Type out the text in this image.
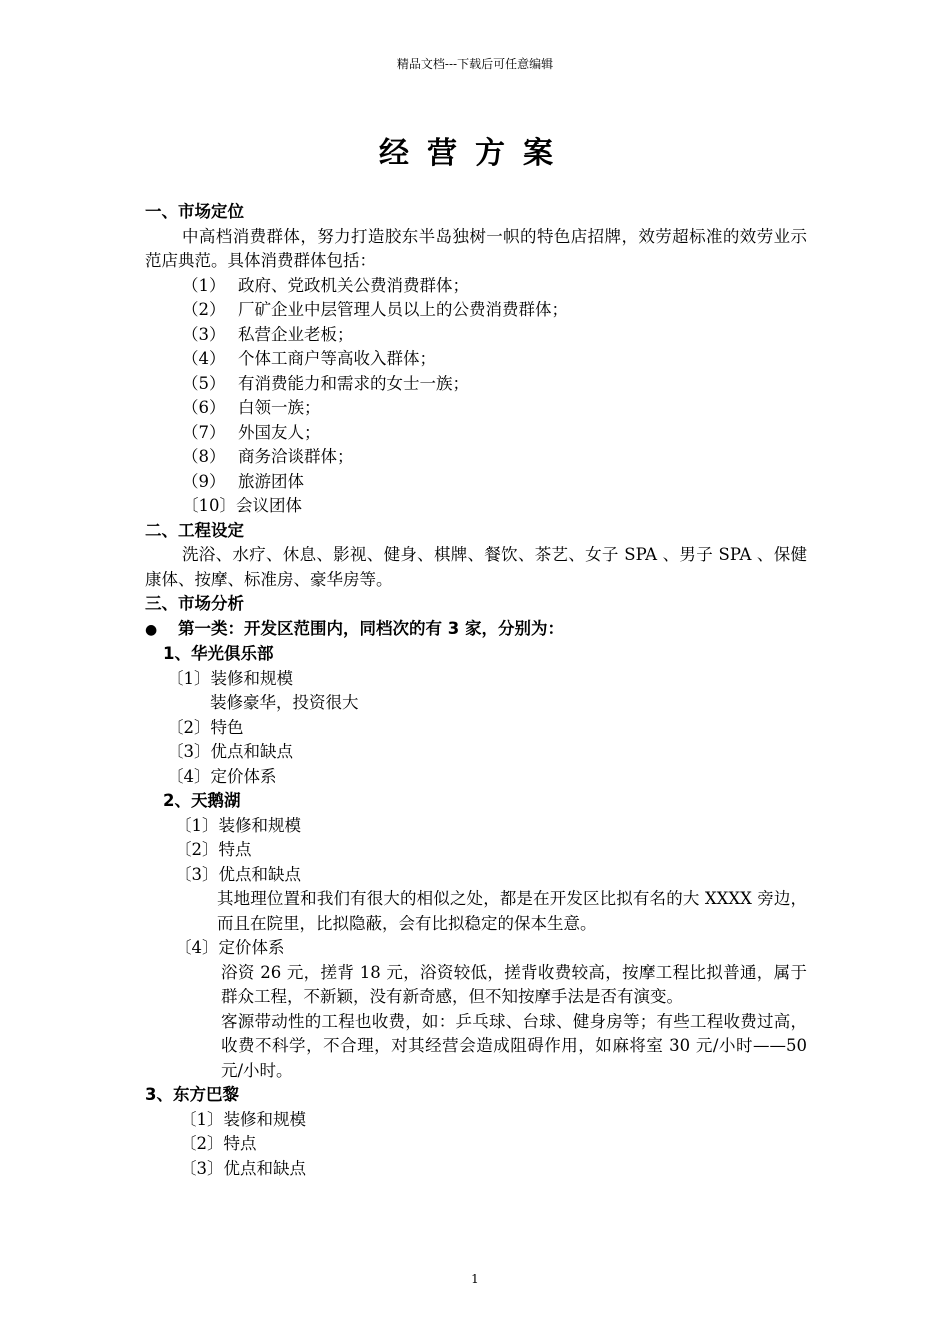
精品文档---下载后可任意编辑
经营方案

一、市场定位

中高档消费群体，努力打造胶东半岛独树一帜的特色店招牌，效劳超标准的效劳业示范店典范。具体消费群体包括：

（1） 政府、党政机关公费消费群体；

（2） 厂矿企业中层管理人员以上的公费消费群体；

（3） 私营企业老板；

（4） 个体工商户等高收入群体；

（5） 有消费能力和需求的女士一族；

（6） 白领一族；

（7） 外国友人；

（8） 商务洽谈群体；

（9） 旅游团体

〔10〕会议团体

二、工程设定

洗浴、水疗、休息、影视、健身、棋牌、餐饮、茶艺、女子 SPA 、男子 SPA 、保健康体、按摩、标准房、豪华房等。

三、市场分析

● 第一类：开发区范围内，同档次的有 3 家，分别为：

1、华光俱乐部

〔1〕装修和规模

装修豪华，投资很大

〔2〕特色

〔3〕优点和缺点

〔4〕定价体系

2、天鹅湖

〔1〕装修和规模

〔2〕特点

〔3〕优点和缺点

其地理位置和我们有很大的相似之处，都是在开发区比拟有名的大 XXXX 旁边，而且在院里，比拟隐蔽，会有比拟稳定的保本生意。

〔4〕定价体系

浴资 26 元，搓背 18 元，浴资较低，搓背收费较高，按摩工程比拟普通，属于群众工程，不新颖，没有新奇感，但不知按摩手法是否有演变。

客源带动性的工程也收费，如：乒乓球、台球、健身房等；有些工程收费过高，收费不科学，不合理，对其经营会造成阻碍作用，如麻将室 30 元/小时——50 元/小时。

3、东方巴黎

〔1〕装修和规模

〔2〕特点

〔3〕优点和缺点

1
